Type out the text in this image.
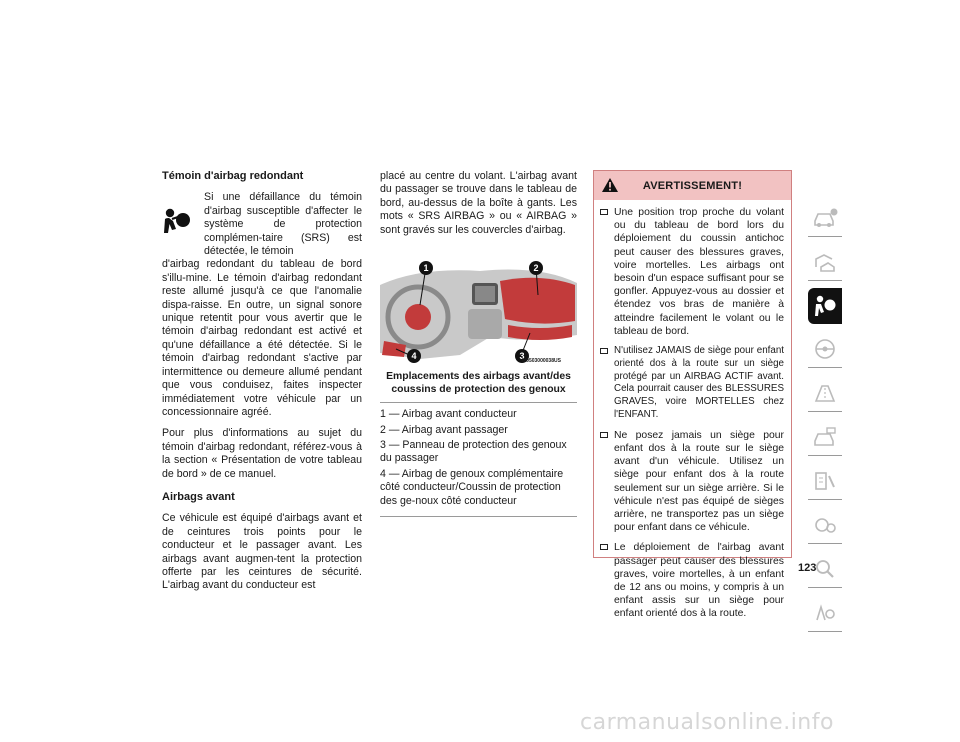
Témoin d'airbag redondant
Si une défaillance du témoin d'airbag susceptible d'affecter le système de protection complémen-taire (SRS) est détectée, le témoin

d'airbag redondant du tableau de bord s'illu-mine. Le témoin d'airbag redondant reste allumé jusqu'à ce que l'anomalie dispa-raisse. En outre, un signal sonore unique retentit pour vous avertir que le témoin d'airbag redondant est activé et qu'une défaillance a été détectée. Si le témoin d'airbag redondant s'active par intermittence ou demeure allumé pendant que vous conduisez, faites inspecter immédiatement votre véhicule par un concessionnaire agréé.

Pour plus d'informations au sujet du témoin d'airbag redondant, référez-vous à la section « Présentation de votre tableau de bord » de ce manuel.

Airbags avant

Ce véhicule est équipé d'airbags avant et de ceintures trois points pour le conducteur et le passager avant. Les airbags avant augmen-tent la protection offerte par les ceintures de sécurité. L'airbag avant du conducteur est

placé au centre du volant. L'airbag avant du passager se trouve dans le tableau de bord, au-dessus de la boîte à gants. Les mots « SRS AIRBAG » ou « AIRBAG » sont gravés sur les couvercles d'airbag.

1	2
3
4	M0503000038US
Emplacements des airbags avant/des coussins de protection des genoux
1 — Airbag avant conducteur
2 — Airbag avant passager
3 — Panneau de protection des genoux du passager
4 — Airbag de genoux complémentaire côté conducteur/Coussin de protection des ge-noux côté conducteur
AVERTISSEMENT!
Une position trop proche du volant ou du tableau de bord lors du déploiement du coussin antichoc peut causer des blessures graves, voire mortelles. Les airbags ont besoin d'un espace suffisant pour se gonfler. Appuyez-vous au dossier et étendez vos bras de manière à atteindre facilement le volant ou le tableau de bord.
N'utilisez JAMAIS de siège pour enfant orienté dos à la route sur un siège protégé par un AIRBAG ACTIF avant. Cela pourrait causer des BLESSURES GRAVES, voire MORTELLES chez l'ENFANT.
Ne posez jamais un siège pour enfant dos à la route sur le siège avant d'un véhicule. Utilisez un siège pour enfant dos à la route seulement sur un siège arrière. Si le véhicule n'est pas équipé de sièges arrière, ne transportez pas un siège pour enfant dans ce véhicule.
Le déploiement de l'airbag avant passager peut causer des blessures graves, voire mortelles, à un enfant de 12 ans ou moins, y compris à un enfant assis sur un siège pour enfant orienté dos à la route.
123
carmanualsonline.info
